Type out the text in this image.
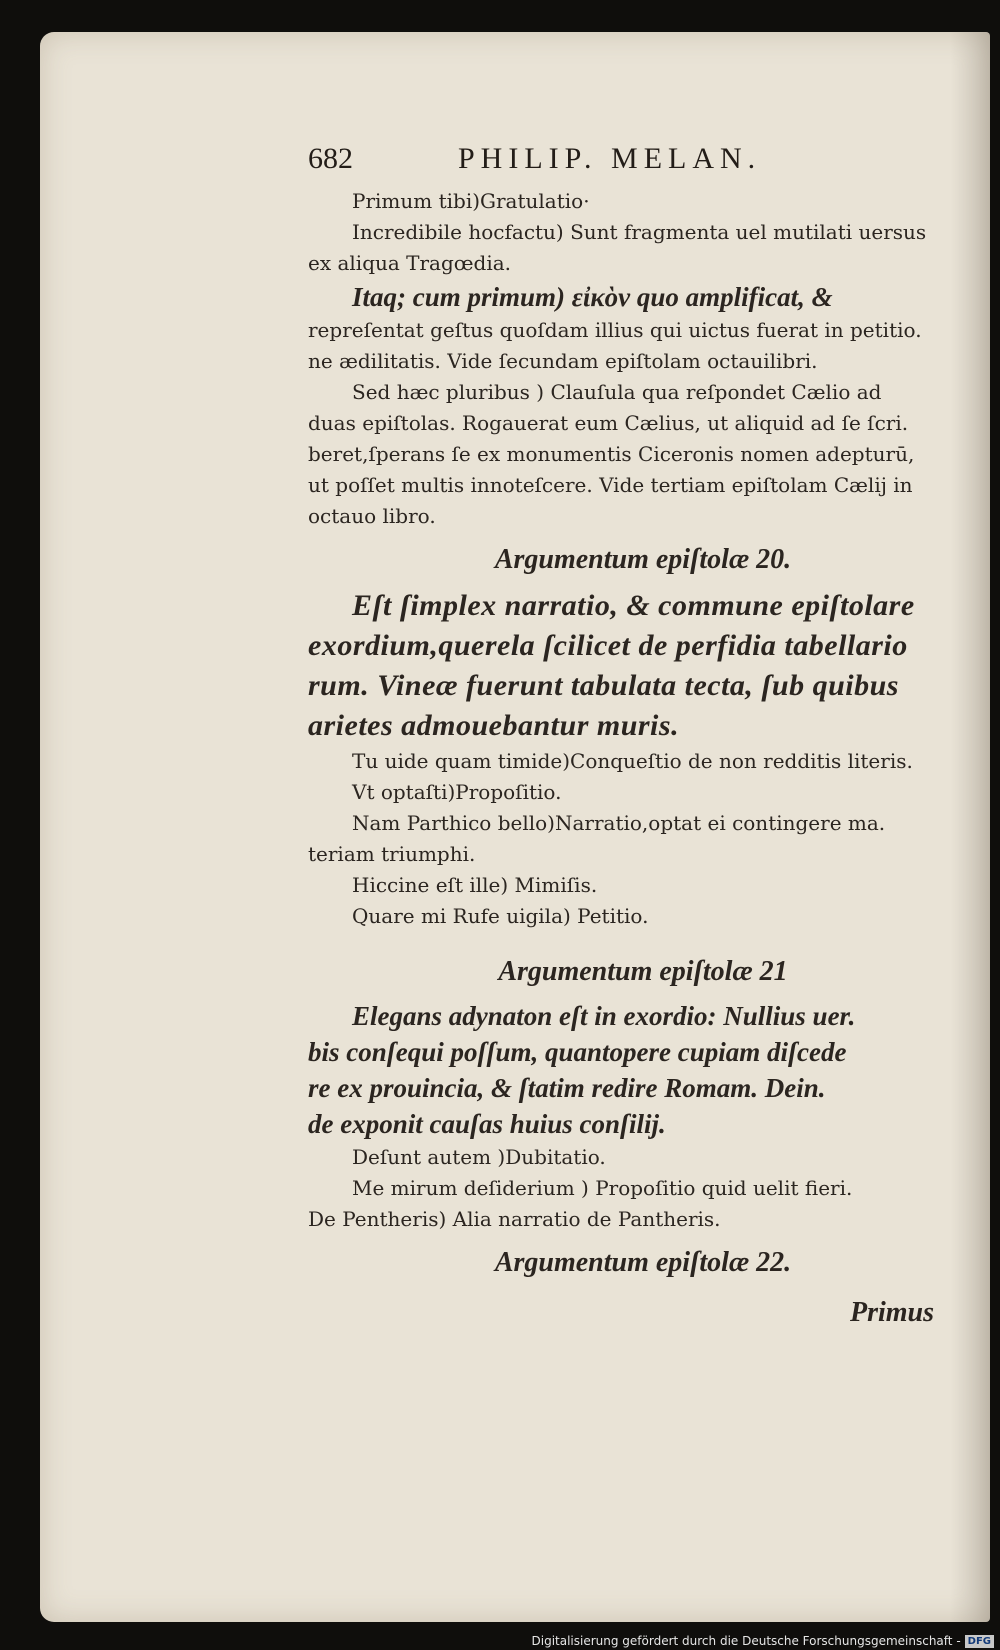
682	PHILIP. MELAN.

Primum tibi)Gratulatio·

Incredibile hocfactu) Sunt fragmenta uel mutilati uersus

ex aliqua Tragœdia.

Itaq; cum primum) εἰκὸν quo amplificat, &

repreſentat geſtus quoſdam illius qui uictus fuerat in petitio.

ne ædilitatis. Vide ſecundam epiſtolam octauilibri.

Sed hæc pluribus ) Clauſula qua reſpondet Cælio ad

duas epiſtolas. Rogauerat eum Cælius, ut aliquid ad ſe ſcri.

beret,ſperans ſe ex monumentis Ciceronis nomen adepturū,

ut poſſet multis innoteſcere. Vide tertiam epiſtolam Cælij in

octauo libro.

Argumentum epiſtolæ 20.

Eſt ſimplex narratio, & commune epiſtolare

exordium,querela ſcilicet de perfidia tabellario

rum. Vineæ fuerunt tabulata tecta, ſub quibus

arietes admouebantur muris.

Tu uide quam timide)Conqueſtio de non redditis literis.

Vt optaſti)Propoſitio.

Nam Parthico bello)Narratio,optat ei contingere ma.

teriam triumphi.

Hiccine eſt ille) Mimiſis.

Quare mi Rufe uigila) Petitio.

Argumentum epiſtolæ 21

Elegans adynaton eſt in exordio: Nullius uer.

bis conſequi poſſum, quantopere cupiam diſcede

re ex prouincia, & ſtatim redire Romam. Dein.

de exponit cauſas huius conſilij.

Deſunt autem )Dubitatio.

Me mirum deſiderium ) Propoſitio quid uelit fieri.

De Pentheris) Alia narratio de Pantheris.

Argumentum epiſtolæ 22.
Primus
Digitalisierung gefördert durch die Deutsche Forschungsgemeinschaft - DFG
